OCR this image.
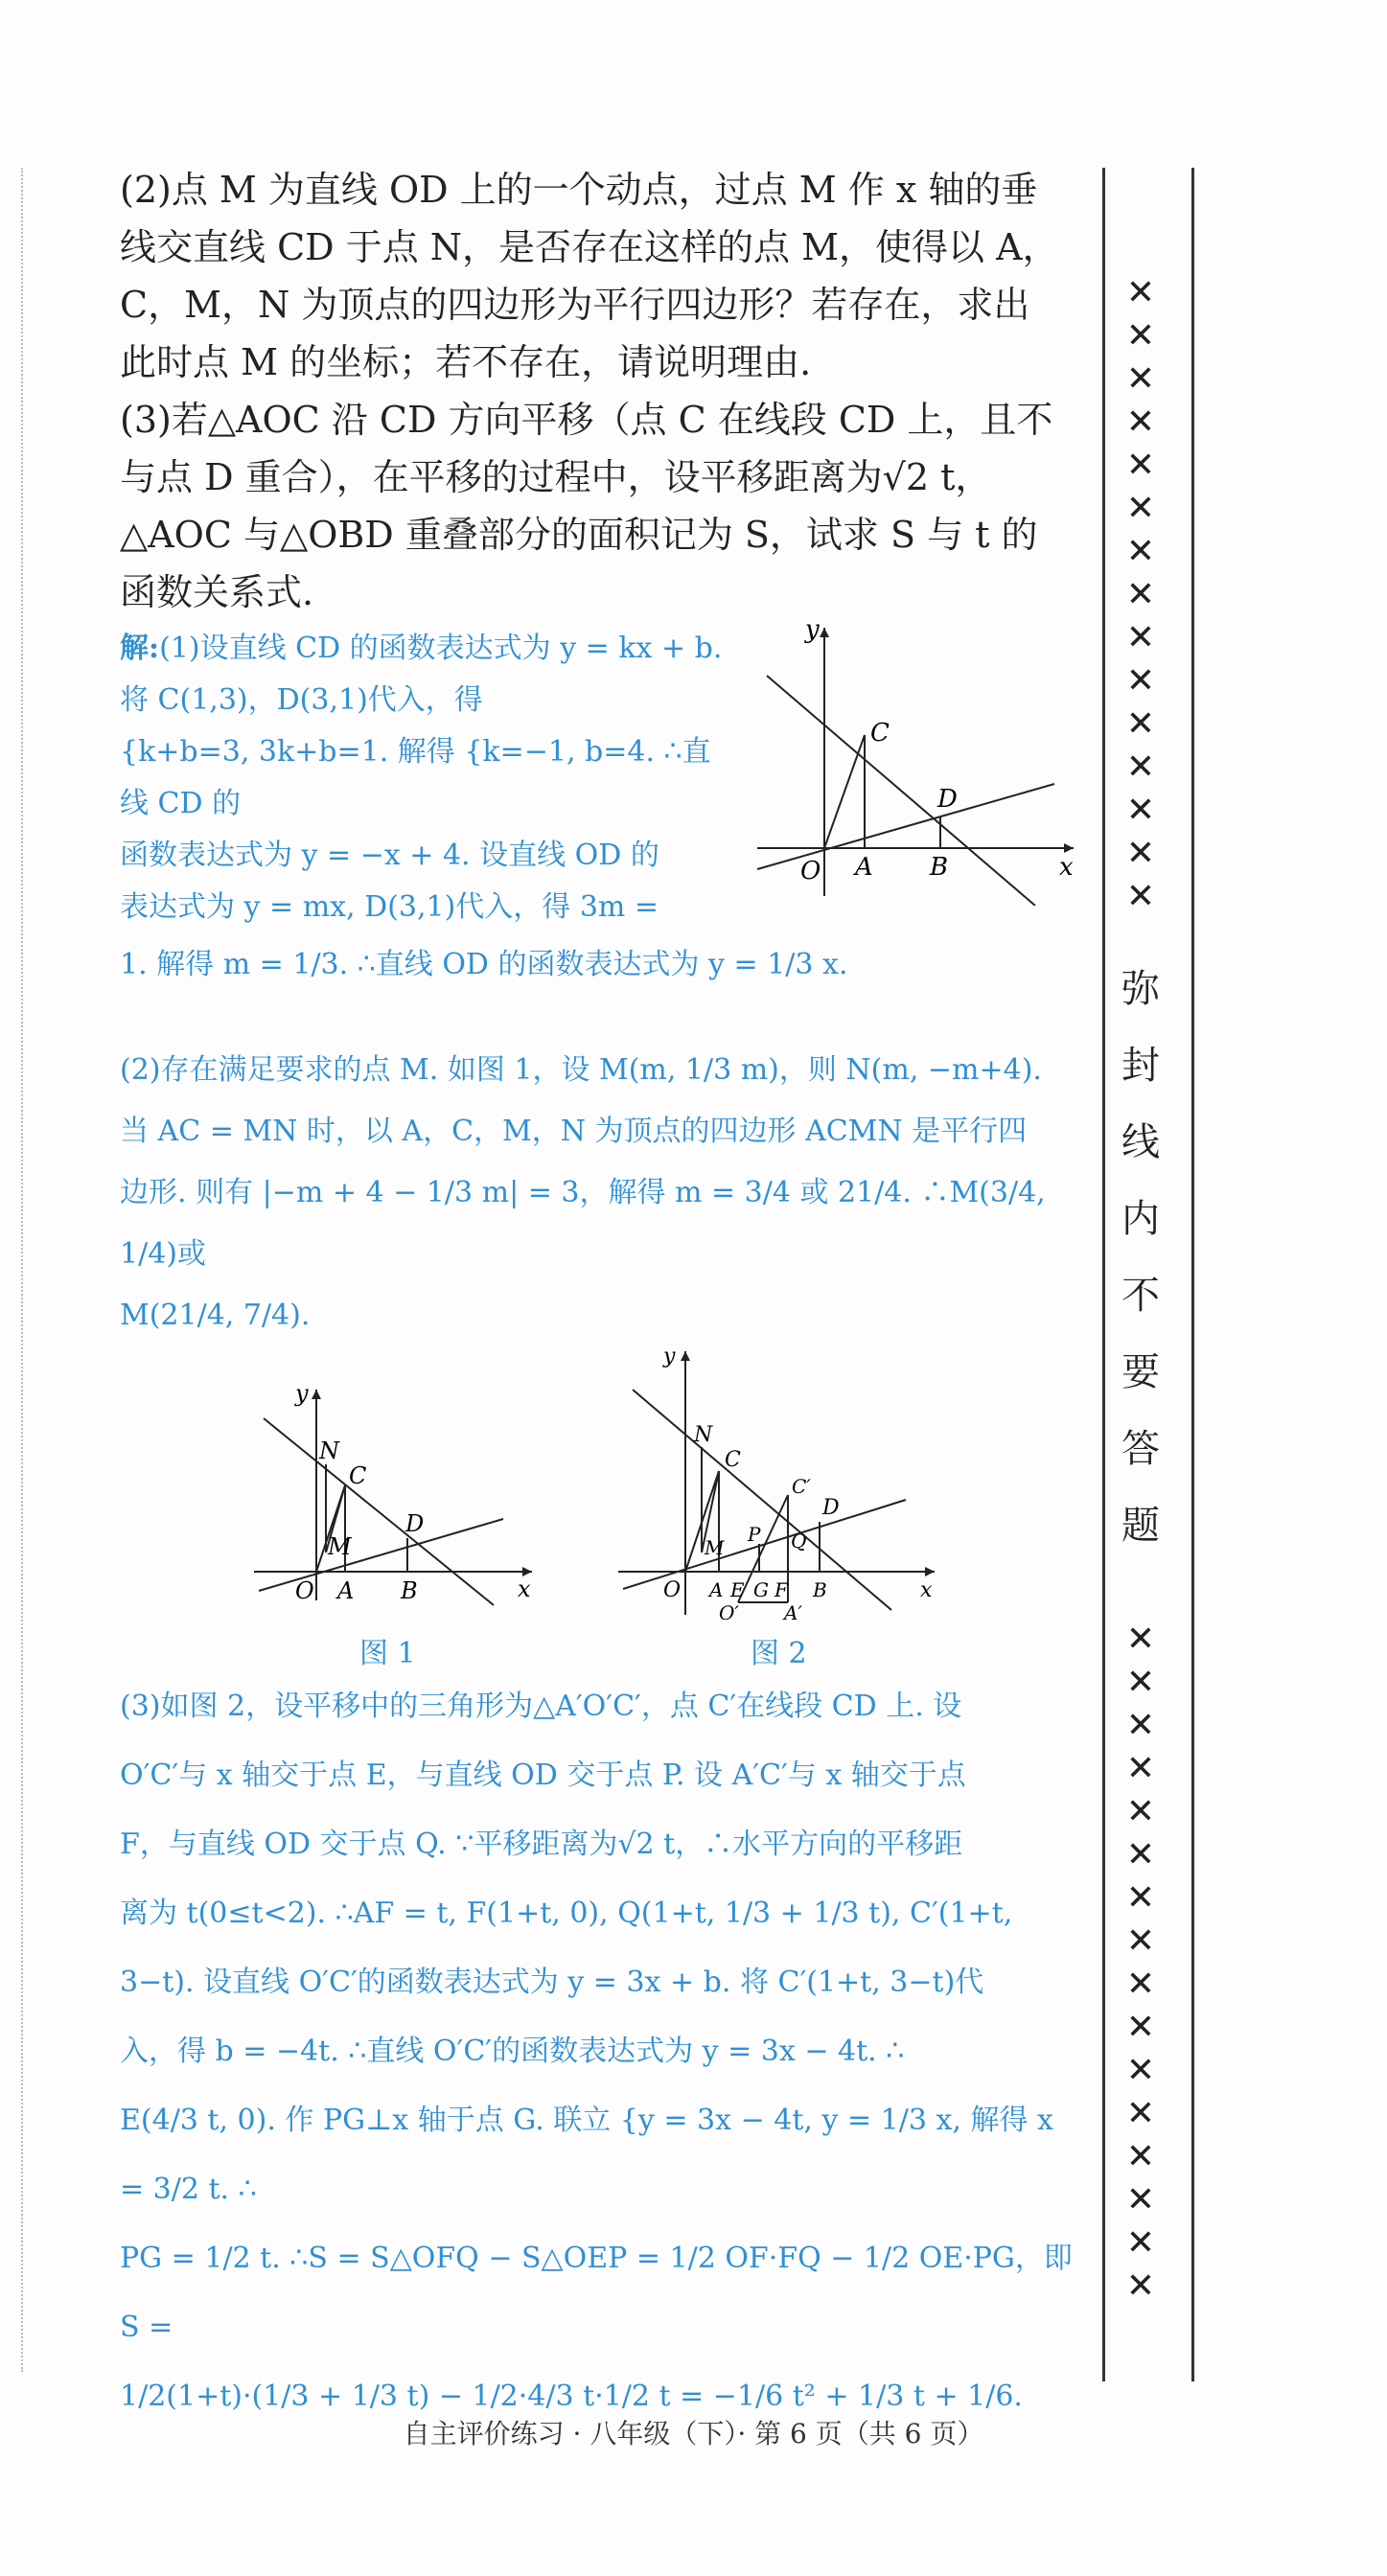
(2)点 M 为直线 OD 上的一个动点，过点 M 作 x 轴的垂线交直线 CD 于点 N，是否存在这样的点 M，使得以 A，C，M，N 为顶点的四边形为平行四边形？若存在，求出此时点 M 的坐标；若不存在，请说明理由.

(3)若△AOC 沿 CD 方向平移（点 C 在线段 CD 上，且不与点 D 重合），在平移的过程中，设平移距离为√2 t，△AOC 与△OBD 重叠部分的面积记为 S，试求 S 与 t 的函数关系式.

解:(1)设直线 CD 的函数表达式为 y = kx + b. 将 C(1,3)，D(3,1)代入，得

{k+b=3, 3k+b=1. 解得 {k=−1, b=4. ∴直线 CD 的

函数表达式为 y = −x + 4. 设直线 OD 的

表达式为 y = mx, D(3,1)代入，得 3m =

1. 解得 m = 1/3. ∴直线 OD 的函数表达式为 y = 1/3 x.

y
x
O A B
C
D

(2)存在满足要求的点 M. 如图 1，设 M(m, 1/3 m)，则 N(m, −m+4).

当 AC = MN 时，以 A，C，M，N 为顶点的四边形 ACMN 是平行四

边形. 则有 |−m + 4 − 1/3 m| = 3，解得 m = 3/4 或 21/4. ∴M(3/4, 1/4)或

M(21/4, 7/4).

y
x
O A B
C
D
N
M
图 1
y
x
O A	B
C
D
N
M
C′
P Q
E G F
O′ A′
图 2

(3)如图 2，设平移中的三角形为△A′O′C′，点 C′在线段 CD 上. 设

O′C′与 x 轴交于点 E，与直线 OD 交于点 P. 设 A′C′与 x 轴交于点

F，与直线 OD 交于点 Q. ∵平移距离为√2 t，∴水平方向的平移距

离为 t(0≤t<2). ∴AF = t, F(1+t, 0), Q(1+t, 1/3 + 1/3 t), C′(1+t,

3−t). 设直线 O′C′的函数表达式为 y = 3x + b. 将 C′(1+t, 3−t)代

入，得 b = −4t. ∴直线 O′C′的函数表达式为 y = 3x − 4t. ∴

E(4/3 t, 0). 作 PG⊥x 轴于点 G. 联立 {y = 3x − 4t, y = 1/3 x, 解得 x = 3/2 t. ∴

PG = 1/2 t. ∴S = S△OFQ − S△OEP = 1/2 OF·FQ − 1/2 OE·PG，即 S =

1/2(1+t)·(1/3 + 1/3 t) − 1/2·4/3 t·1/2 t = −1/6 t² + 1/3 t + 1/6.

弥
封
线
内
不
要
答
题
自主评价练习 · 八年级（下）· 第 6 页（共 6 页）
✕
✕
✕
✕
✕
✕
✕
✕
✕
✕
✕
✕
✕
✕
✕
✕
✕
✕
✕
✕
✕
✕
✕
✕
✕
✕
✕
✕
✕
✕
✕
